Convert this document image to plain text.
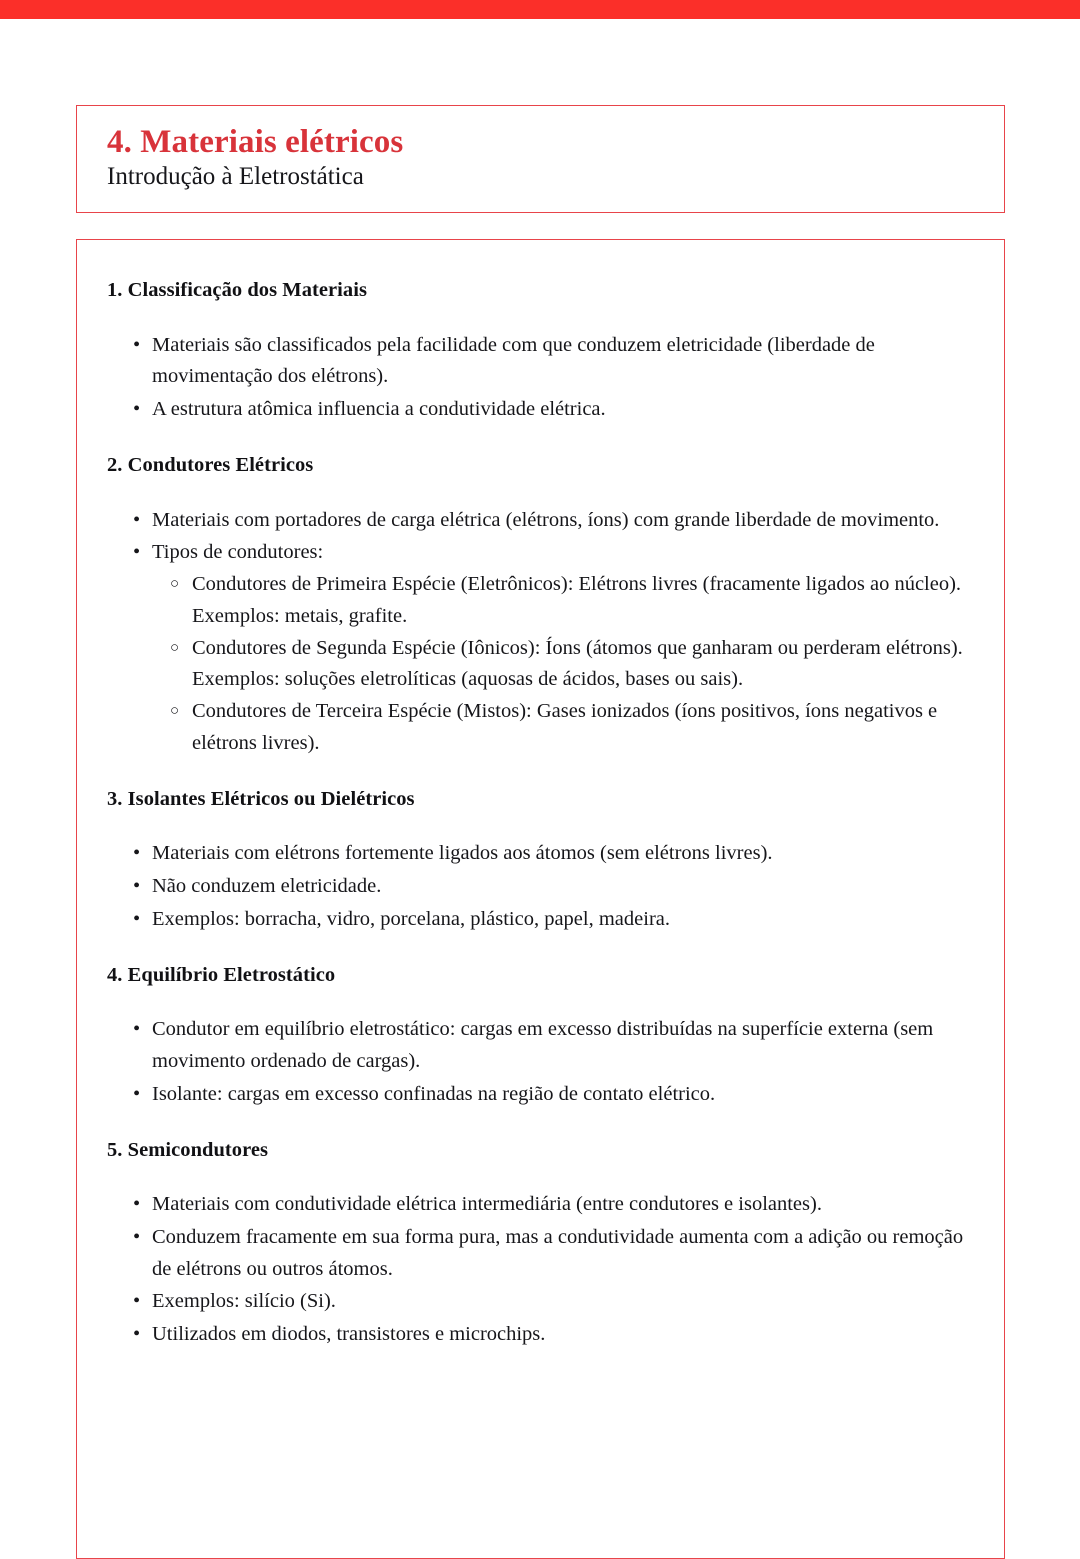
4. Materiais elétricos
Introdução à Eletrostática
1. Classificação dos Materiais
• Materiais são classificados pela facilidade com que conduzem eletricidade (liberdade de movimentação dos elétrons).
• A estrutura atômica influencia a condutividade elétrica.
2. Condutores Elétricos
• Materiais com portadores de carga elétrica (elétrons, íons) com grande liberdade de movimento.
• Tipos de condutores:
○ Condutores de Primeira Espécie (Eletrônicos): Elétrons livres (fracamente ligados ao núcleo). Exemplos: metais, grafite.
○ Condutores de Segunda Espécie (Iônicos): Íons (átomos que ganharam ou perderam elétrons). Exemplos: soluções eletrolíticas (aquosas de ácidos, bases ou sais).
○ Condutores de Terceira Espécie (Mistos): Gases ionizados (íons positivos, íons negativos e elétrons livres).
3. Isolantes Elétricos ou Dielétricos
• Materiais com elétrons fortemente ligados aos átomos (sem elétrons livres).
• Não conduzem eletricidade.
• Exemplos: borracha, vidro, porcelana, plástico, papel, madeira.
4. Equilíbrio Eletrostático
• Condutor em equilíbrio eletrostático: cargas em excesso distribuídas na superfície externa (sem movimento ordenado de cargas).
• Isolante: cargas em excesso confinadas na região de contato elétrico.
5. Semicondutores
• Materiais com condutividade elétrica intermediária (entre condutores e isolantes).
• Conduzem fracamente em sua forma pura, mas a condutividade aumenta com a adição ou remoção de elétrons ou outros átomos.
• Exemplos: silício (Si).
• Utilizados em diodos, transistores e microchips.
